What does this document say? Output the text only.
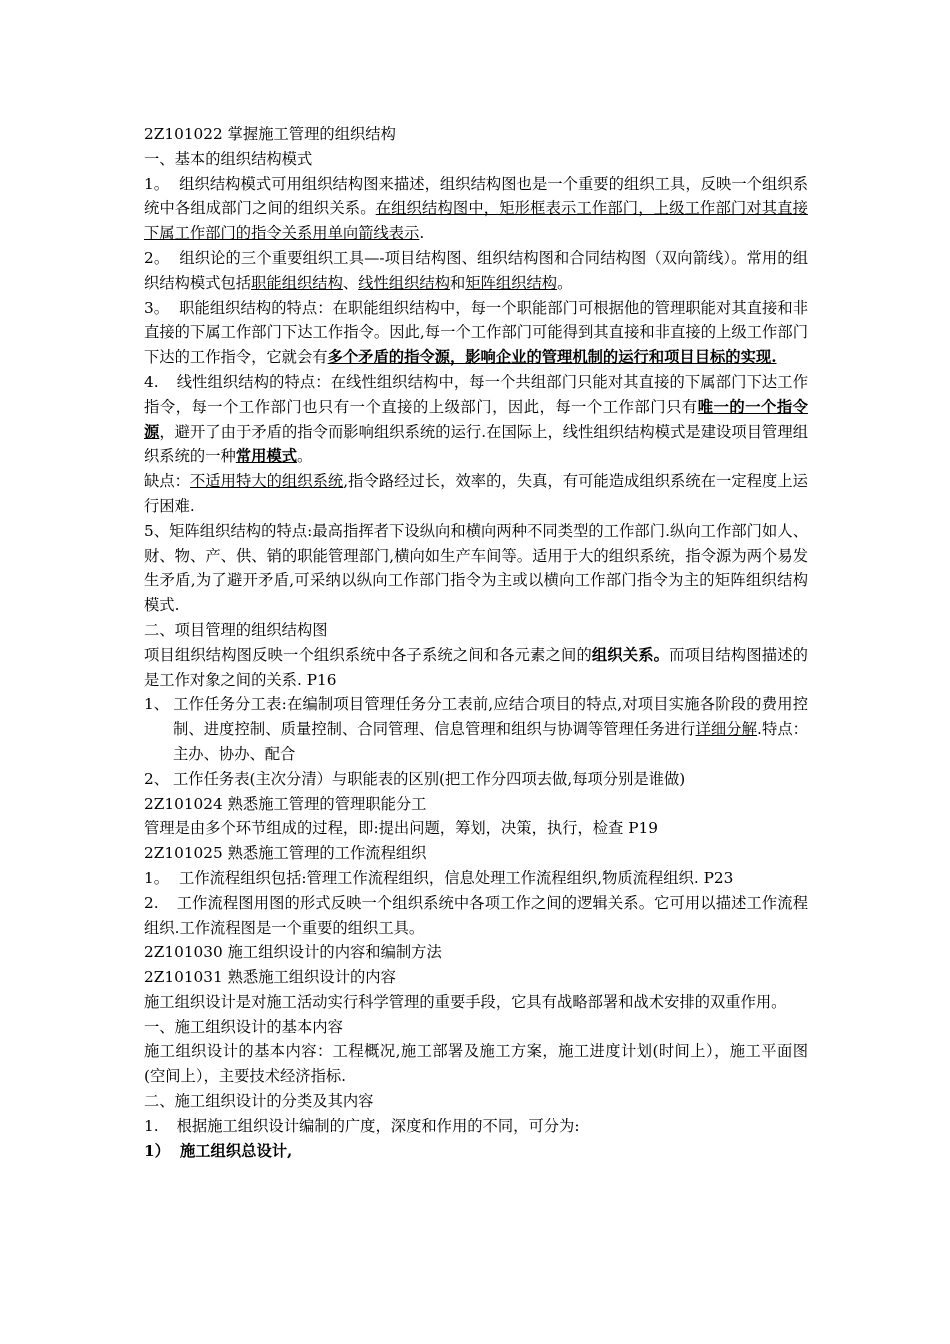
2Z101022 掌握施工管理的组织结构

一、基本的组织结构模式

1。 组织结构模式可用组织结构图来描述，组织结构图也是一个重要的组织工具，反映一个组织系统中各组成部门之间的组织关系。在组织结构图中，矩形框表示工作部门，上级工作部门对其直接下属工作部门的指令关系用单向箭线表示.

2。 组织论的三个重要组织工具—-项目结构图、组织结构图和合同结构图（双向箭线）。常用的组织结构模式包括职能组织结构、线性组织结构和矩阵组织结构。

3。 职能组织结构的特点：在职能组织结构中，每一个职能部门可根据他的管理职能对其直接和非直接的下属工作部门下达工作指令。因此,每一个工作部门可能得到其直接和非直接的上级工作部门下达的工作指令，它就会有多个矛盾的指令源，影响企业的管理机制的运行和项目目标的实现.

4. 线性组织结构的特点：在线性组织结构中，每一个共组部门只能对其直接的下属部门下达工作指令，每一个工作部门也只有一个直接的上级部门，因此，每一个工作部门只有唯一的一个指令源，避开了由于矛盾的指令而影响组织系统的运行.在国际上，线性组织结构模式是建设项目管理组织系统的一种常用模式。

缺点：不适用特大的组织系统,指令路经过长，效率的，失真，有可能造成组织系统在一定程度上运行困难.

5、矩阵组织结构的特点:最高指挥者下设纵向和横向两种不同类型的工作部门.纵向工作部门如人、财、物、产、供、销的职能管理部门,横向如生产车间等。适用于大的组织系统，指令源为两个易发生矛盾,为了避开矛盾,可采纳以纵向工作部门指令为主或以横向工作部门指令为主的矩阵组织结构模式.

二、项目管理的组织结构图

项目组织结构图反映一个组织系统中各子系统之间和各元素之间的组织关系。而项目结构图描述的是工作对象之间的关系. P16

1、 工作任务分工表:在编制项目管理任务分工表前,应结合项目的特点,对项目实施各阶段的费用控制、进度控制、质量控制、合同管理、信息管理和组织与协调等管理任务进行详细分解.特点：主办、协办、配合

2、 工作任务表(主次分清）与职能表的区别(把工作分四项去做,每项分别是谁做)

2Z101024 熟悉施工管理的管理职能分工

管理是由多个环节组成的过程，即:提出问题，筹划，决策，执行，检查 P19

2Z101025 熟悉施工管理的工作流程组织

1。 工作流程组织包括:管理工作流程组织，信息处理工作流程组织,物质流程组织. P23

2. 工作流程图用图的形式反映一个组织系统中各项工作之间的逻辑关系。它可用以描述工作流程组织.工作流程图是一个重要的组织工具。

2Z101030 施工组织设计的内容和编制方法

2Z101031 熟悉施工组织设计的内容

施工组织设计是对施工活动实行科学管理的重要手段，它具有战略部署和战术安排的双重作用。

一、施工组织设计的基本内容

施工组织设计的基本内容：工程概况,施工部署及施工方案，施工进度计划(时间上），施工平面图(空间上），主要技术经济指标.

二、施工组织设计的分类及其内容

1. 根据施工组织设计编制的广度，深度和作用的不同，可分为:

1） 施工组织总设计,
